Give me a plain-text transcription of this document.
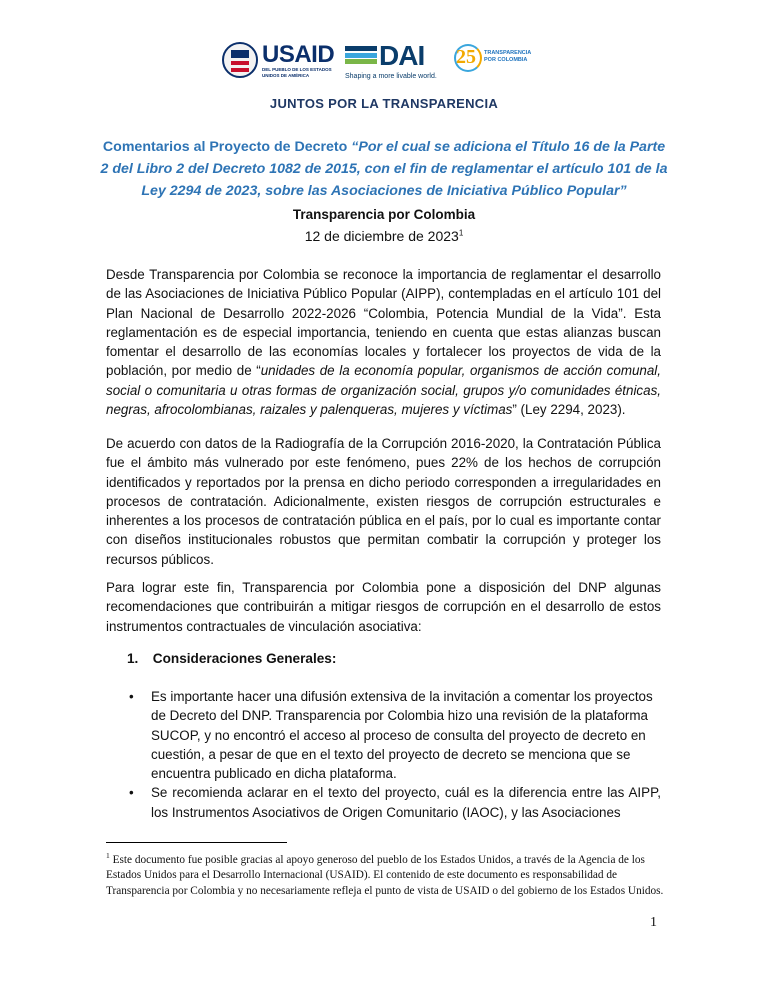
USAID
DEL PUEBLO DE LOS ESTADOS UNIDOS DE AMÉRICA
DAI
Shaping a more livable world.
25 TRANSPARENCIA POR COLOMBIA
JUNTOS POR LA TRANSPARENCIA
Comentarios al Proyecto de Decreto “Por el cual se adiciona el Título 16 de la Parte 2 del Libro 2 del Decreto 1082 de 2015, con el fin de reglamentar el artículo 101 de la Ley 2294 de 2023, sobre las Asociaciones de Iniciativa Público Popular”
Transparencia por Colombia
12 de diciembre de 2023$^1$

Desde Transparencia por Colombia se reconoce la importancia de reglamentar el desarrollo de las Asociaciones de Iniciativa Público Popular (AIPP), contempladas en el artículo 101 del Plan Nacional de Desarrollo 2022-2026 “Colombia, Potencia Mundial de la Vida”. Esta reglamentación es de especial importancia, teniendo en cuenta que estas alianzas buscan fomentar el desarrollo de las economías locales y fortalecer los proyectos de vida de la población, por medio de “unidades de la economía popular, organismos de acción comunal, social o comunitaria u otras formas de organización social, grupos y/o comunidades étnicas, negras, afrocolombianas, raizales y palenqueras, mujeres y víctimas” (Ley 2294, 2023).

De acuerdo con datos de la Radiografía de la Corrupción 2016-2020, la Contratación Pública fue el ámbito más vulnerado por este fenómeno, pues 22% de los hechos de corrupción identificados y reportados por la prensa en dicho periodo corresponden a irregularidades en procesos de contratación. Adicionalmente, existen riesgos de corrupción estructurales e inherentes a los procesos de contratación pública en el país, por lo cual es importante contar con diseños institucionales robustos que permitan combatir la corrupción y proteger los recursos públicos.

Para lograr este fin, Transparencia por Colombia pone a disposición del DNP algunas recomendaciones que contribuirán a mitigar riesgos de corrupción en el desarrollo de estos instrumentos contractuales de vinculación asociativa:

1. Consideraciones Generales:
• Es importante hacer una difusión extensiva de la invitación a comentar los proyectos de Decreto del DNP. Transparencia por Colombia hizo una revisión de la plataforma SUCOP, y no encontró el acceso al proceso de consulta del proyecto de decreto en cuestión, a pesar de que en el texto del proyecto de decreto se menciona que se encuentra publicado en dicha plataforma.

• Se recomienda aclarar en el texto del proyecto, cuál es la diferencia entre las AIPP, los Instrumentos Asociativos de Origen Comunitario (IAOC), y las Asociaciones

$^1$ Este documento fue posible gracias al apoyo generoso del pueblo de los Estados Unidos, a través de la Agencia de los Estados Unidos para el Desarrollo Internacional (USAID). El contenido de este documento es responsabilidad de Transparencia por Colombia y no necesariamente refleja el punto de vista de USAID o del gobierno de los Estados Unidos.

1
